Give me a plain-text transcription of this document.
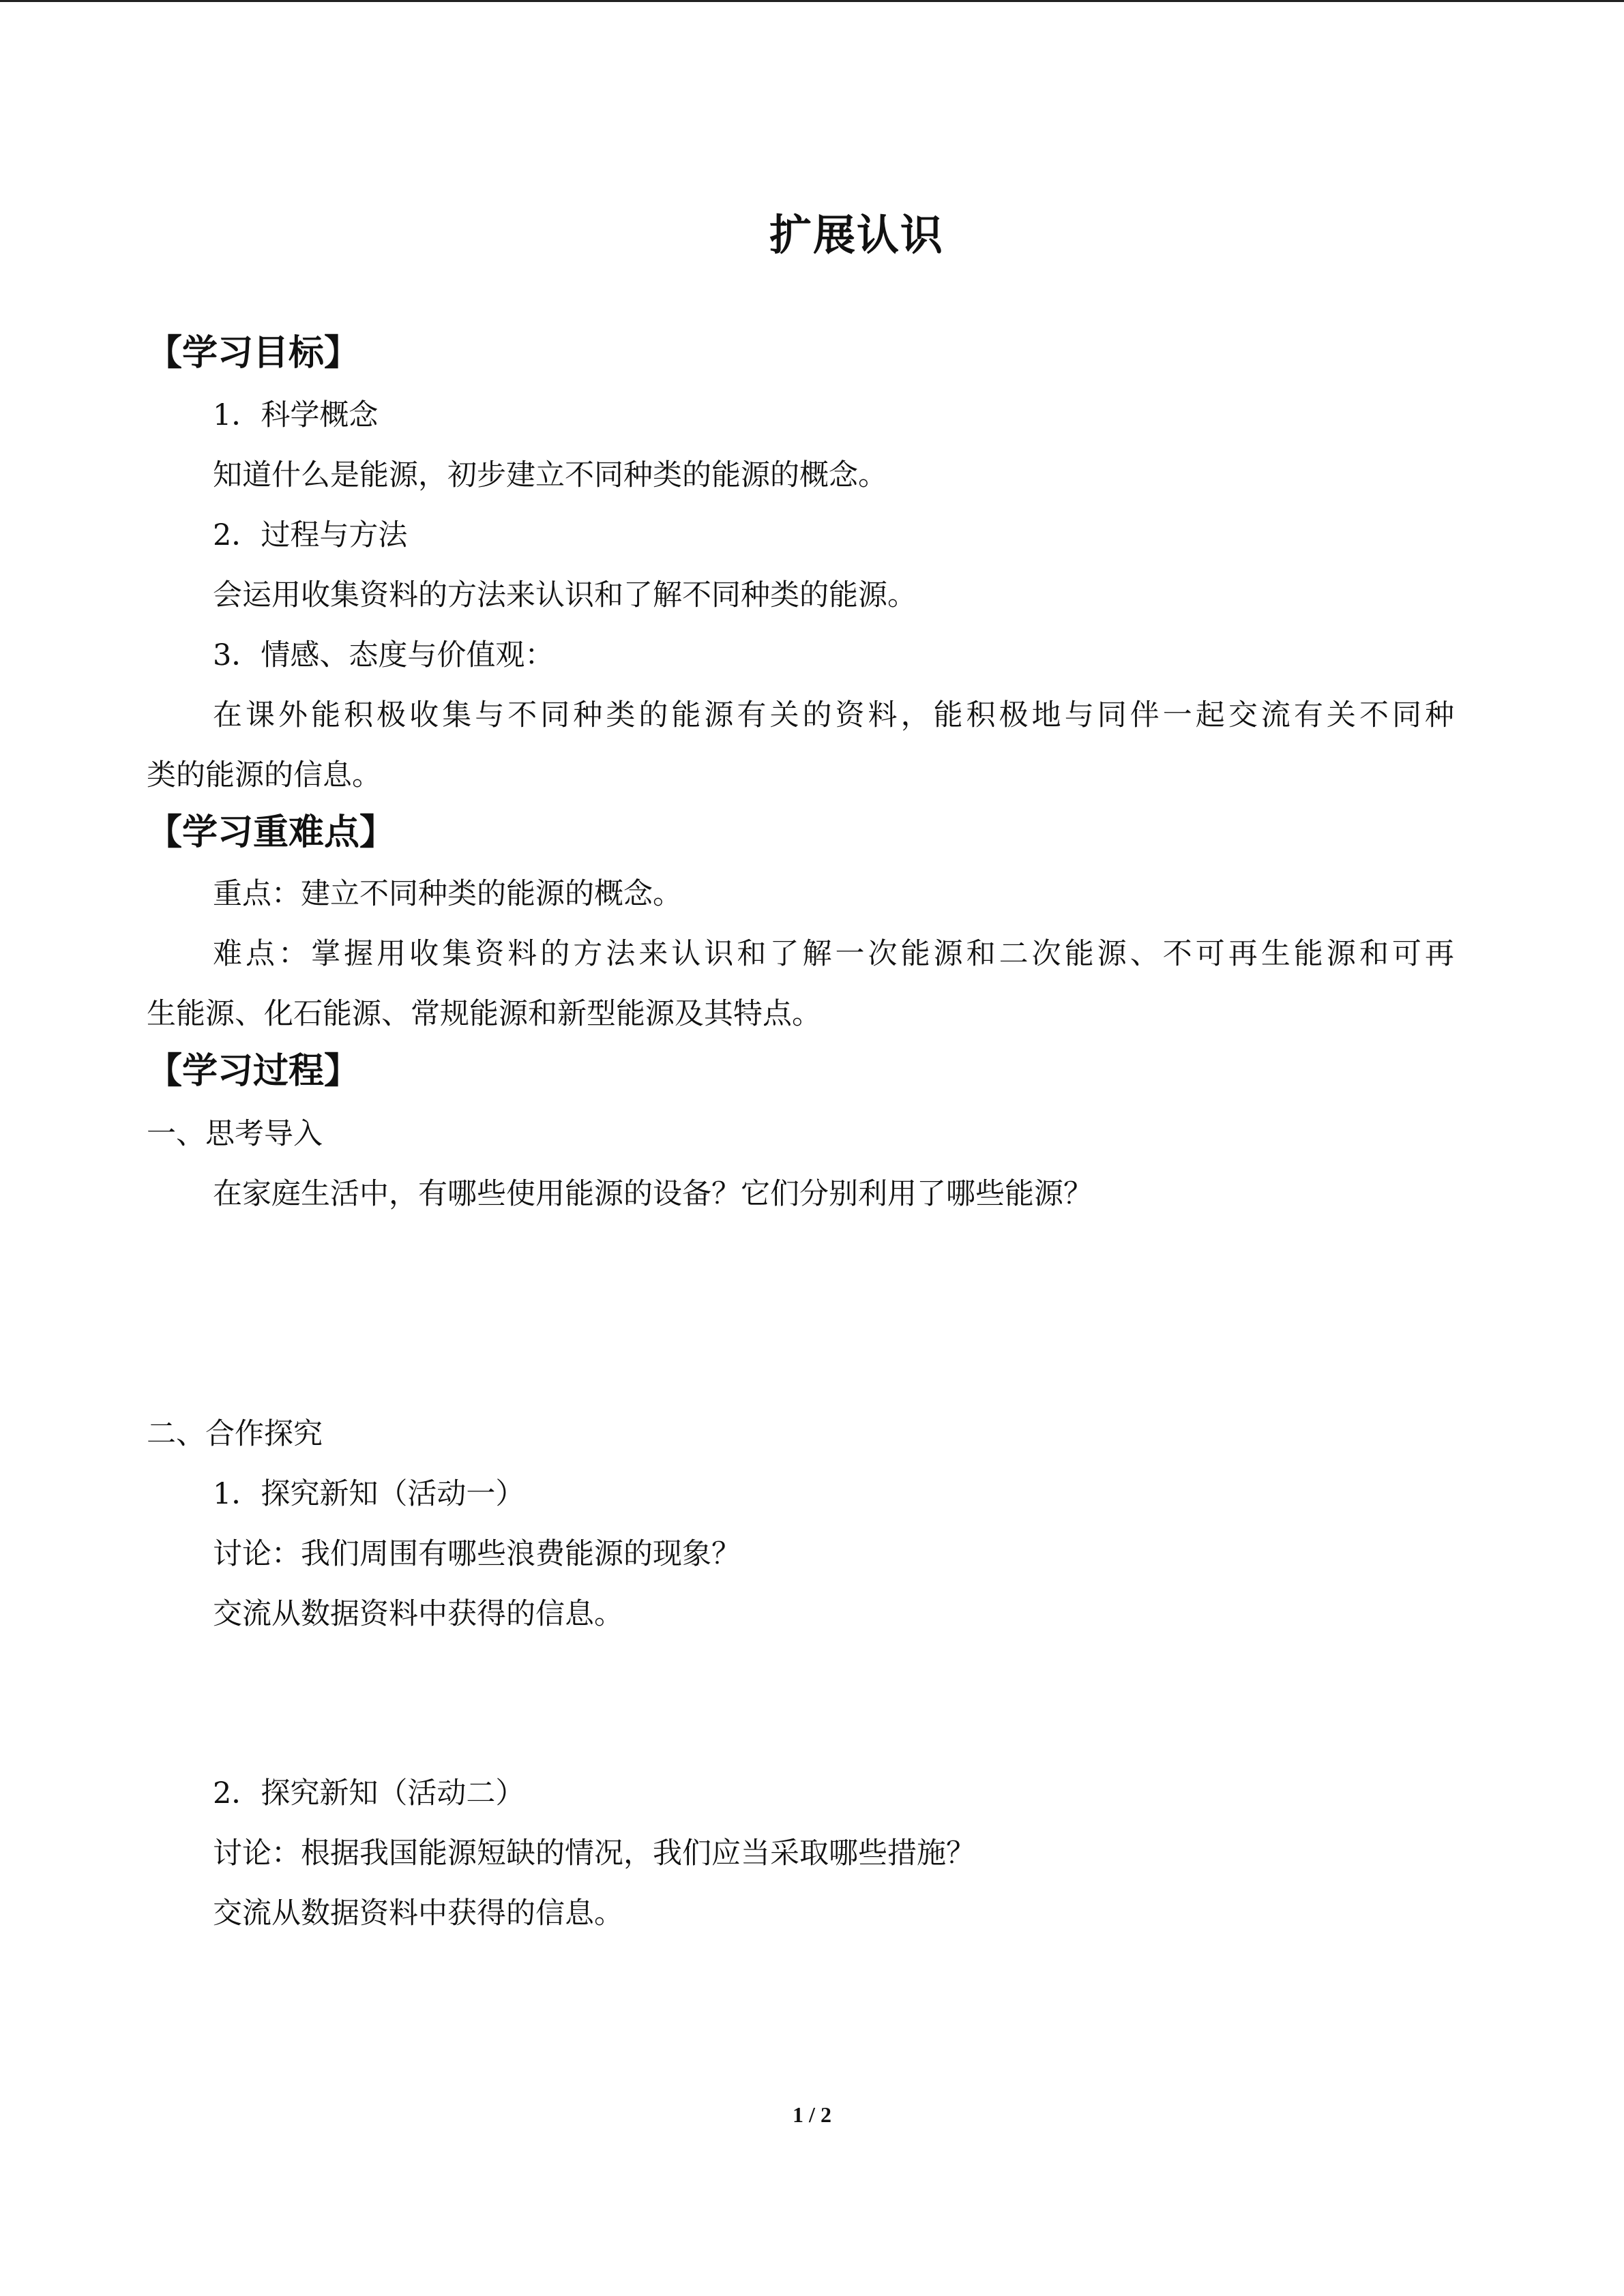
扩展认识
【学习目标】
1．科学概念
知道什么是能源，初步建立不同种类的能源的概念。
2．过程与方法
会运用收集资料的方法来认识和了解不同种类的能源。
3．情感、态度与价值观：
在课外能积极收集与不同种类的能源有关的资料，能积极地与同伴一起交流有关不同种
类的能源的信息。
【学习重难点】
重点：建立不同种类的能源的概念。
难点：掌握用收集资料的方法来认识和了解一次能源和二次能源、不可再生能源和可再
生能源、化石能源、常规能源和新型能源及其特点。
【学习过程】
一、思考导入
在家庭生活中，有哪些使用能源的设备？它们分别利用了哪些能源？
二、合作探究
1．探究新知（活动一）
讨论：我们周围有哪些浪费能源的现象？
交流从数据资料中获得的信息。
2．探究新知（活动二）
讨论：根据我国能源短缺的情况，我们应当采取哪些措施？
交流从数据资料中获得的信息。
1 / 2
